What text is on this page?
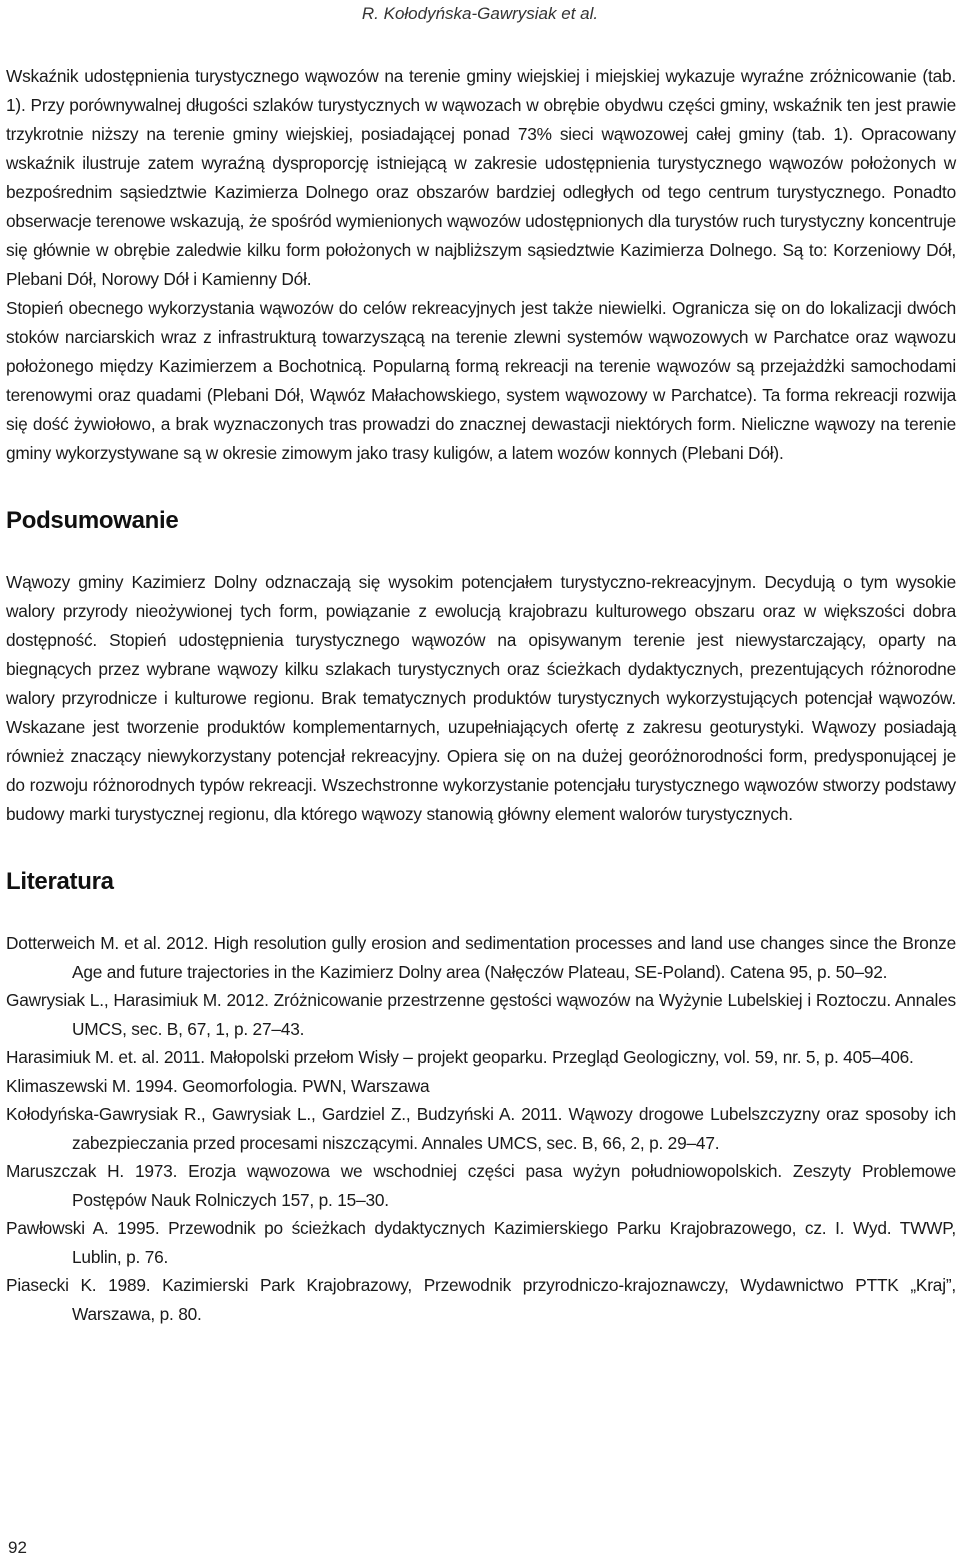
R. Kołodyńska-Gawrysiak et al.

Wskaźnik udostępnienia turystycznego wąwozów na terenie gminy wiejskiej i miejskiej wykazuje wyraźne zróżnicowanie (tab. 1). Przy porównywalnej długości szlaków turystycznych w wąwozach w obrębie obydwu części gminy, wskaźnik ten jest prawie trzykrotnie niższy na terenie gminy wiejskiej, posiadającej ponad 73% sieci wąwozowej całej gminy (tab. 1). Opracowany wskaźnik ilustruje zatem wyraźną dysproporcję istniejącą w zakresie udostępnienia turystycznego wąwozów położonych w bezpośrednim sąsiedztwie Kazimierza Dolnego oraz obszarów bardziej odległych od tego centrum turystycznego. Ponadto obserwacje terenowe wskazują, że spośród wymienionych wąwozów udostępnionych dla turystów ruch turystyczny koncentruje się głównie w obrębie zaledwie kilku form położonych w najbliższym sąsiedztwie Kazimierza Dolnego. Są to: Korzeniowy Dół, Plebani Dół, Norowy Dół i Kamienny Dół.

Stopień obecnego wykorzystania wąwozów do celów rekreacyjnych jest także niewielki. Ogranicza się on do lokalizacji dwóch stoków narciarskich wraz z infrastrukturą towarzyszącą na terenie zlewni systemów wąwozowych w Parchatce oraz wąwozu położonego między Kazimierzem a Bochotnicą. Popularną formą rekreacji na terenie wąwozów są przejażdżki samochodami terenowymi oraz quadami (Plebani Dół, Wąwóz Małachowskiego, system wąwozowy w Parchatce). Ta forma rekreacji rozwija się dość żywiołowo, a brak wyznaczonych tras prowadzi do znacznej dewastacji niektórych form. Nieliczne wąwozy na terenie gminy wykorzystywane są w okresie zimowym jako trasy kuligów, a latem wozów konnych (Plebani Dół).

Podsumowanie

Wąwozy gminy Kazimierz Dolny odznaczają się wysokim potencjałem turystyczno-rekreacyjnym. Decydują o tym wysokie walory przyrody nieożywionej tych form, powiązanie z ewolucją krajobrazu kulturowego obszaru oraz w większości dobra dostępność. Stopień udostępnienia turystycznego wąwozów na opisywanym terenie jest niewystarczający, oparty na biegnących przez wybrane wąwozy kilku szlakach turystycznych oraz ścieżkach dydaktycznych, prezentujących różnorodne walory przyrodnicze i kulturowe regionu. Brak tematycznych produktów turystycznych wykorzystujących potencjał wąwozów. Wskazane jest tworzenie produktów komplementarnych, uzupełniających ofertę z zakresu geoturystyki. Wąwozy posiadają również znaczący niewykorzystany potencjał rekreacyjny. Opiera się on na dużej georóżnorodności form, predysponującej je do rozwoju różnorodnych typów rekreacji. Wszechstronne wykorzystanie potencjału turystycznego wąwozów stworzy podstawy budowy marki turystycznej regionu, dla którego wąwozy stanowią główny element walorów turystycznych.

Literatura
Dotterweich M. et al. 2012. High resolution gully erosion and sedimentation processes and land use changes since the Bronze Age and future trajectories in the Kazimierz Dolny area (Nałęczów Plateau, SE-Poland). Catena 95, p. 50‒92.
Gawrysiak L., Harasimiuk M. 2012. Zróżnicowanie przestrzenne gęstości wąwozów na Wyżynie Lubelskiej i Roztoczu. Annales UMCS, sec. B, 67, 1, p. 27‒43.
Harasimiuk M. et. al. 2011. Małopolski przełom Wisły – projekt geoparku. Przegląd Geologiczny, vol. 59, nr. 5, p. 405‒406.
Klimaszewski M. 1994. Geomorfologia. PWN, Warszawa
Kołodyńska-Gawrysiak R., Gawrysiak L., Gardziel Z., Budzyński A. 2011. Wąwozy drogowe Lubelszczyzny oraz sposoby ich zabezpieczania przed procesami niszczącymi. Annales UMCS, sec. B, 66, 2, p. 29‒47.
Maruszczak H. 1973. Erozja wąwozowa we wschodniej części pasa wyżyn południowopolskich. Zeszyty Problemowe Postępów Nauk Rolniczych 157, p. 15‒30.
Pawłowski A. 1995. Przewodnik po ścieżkach dydaktycznych Kazimierskiego Parku Krajobrazowego, cz. I. Wyd. TWWP, Lublin, p. 76.
Piasecki K. 1989. Kazimierski Park Krajobrazowy, Przewodnik przyrodniczo-krajoznawczy, Wydawnictwo PTTK „Kraj”, Warszawa, p. 80.
92
